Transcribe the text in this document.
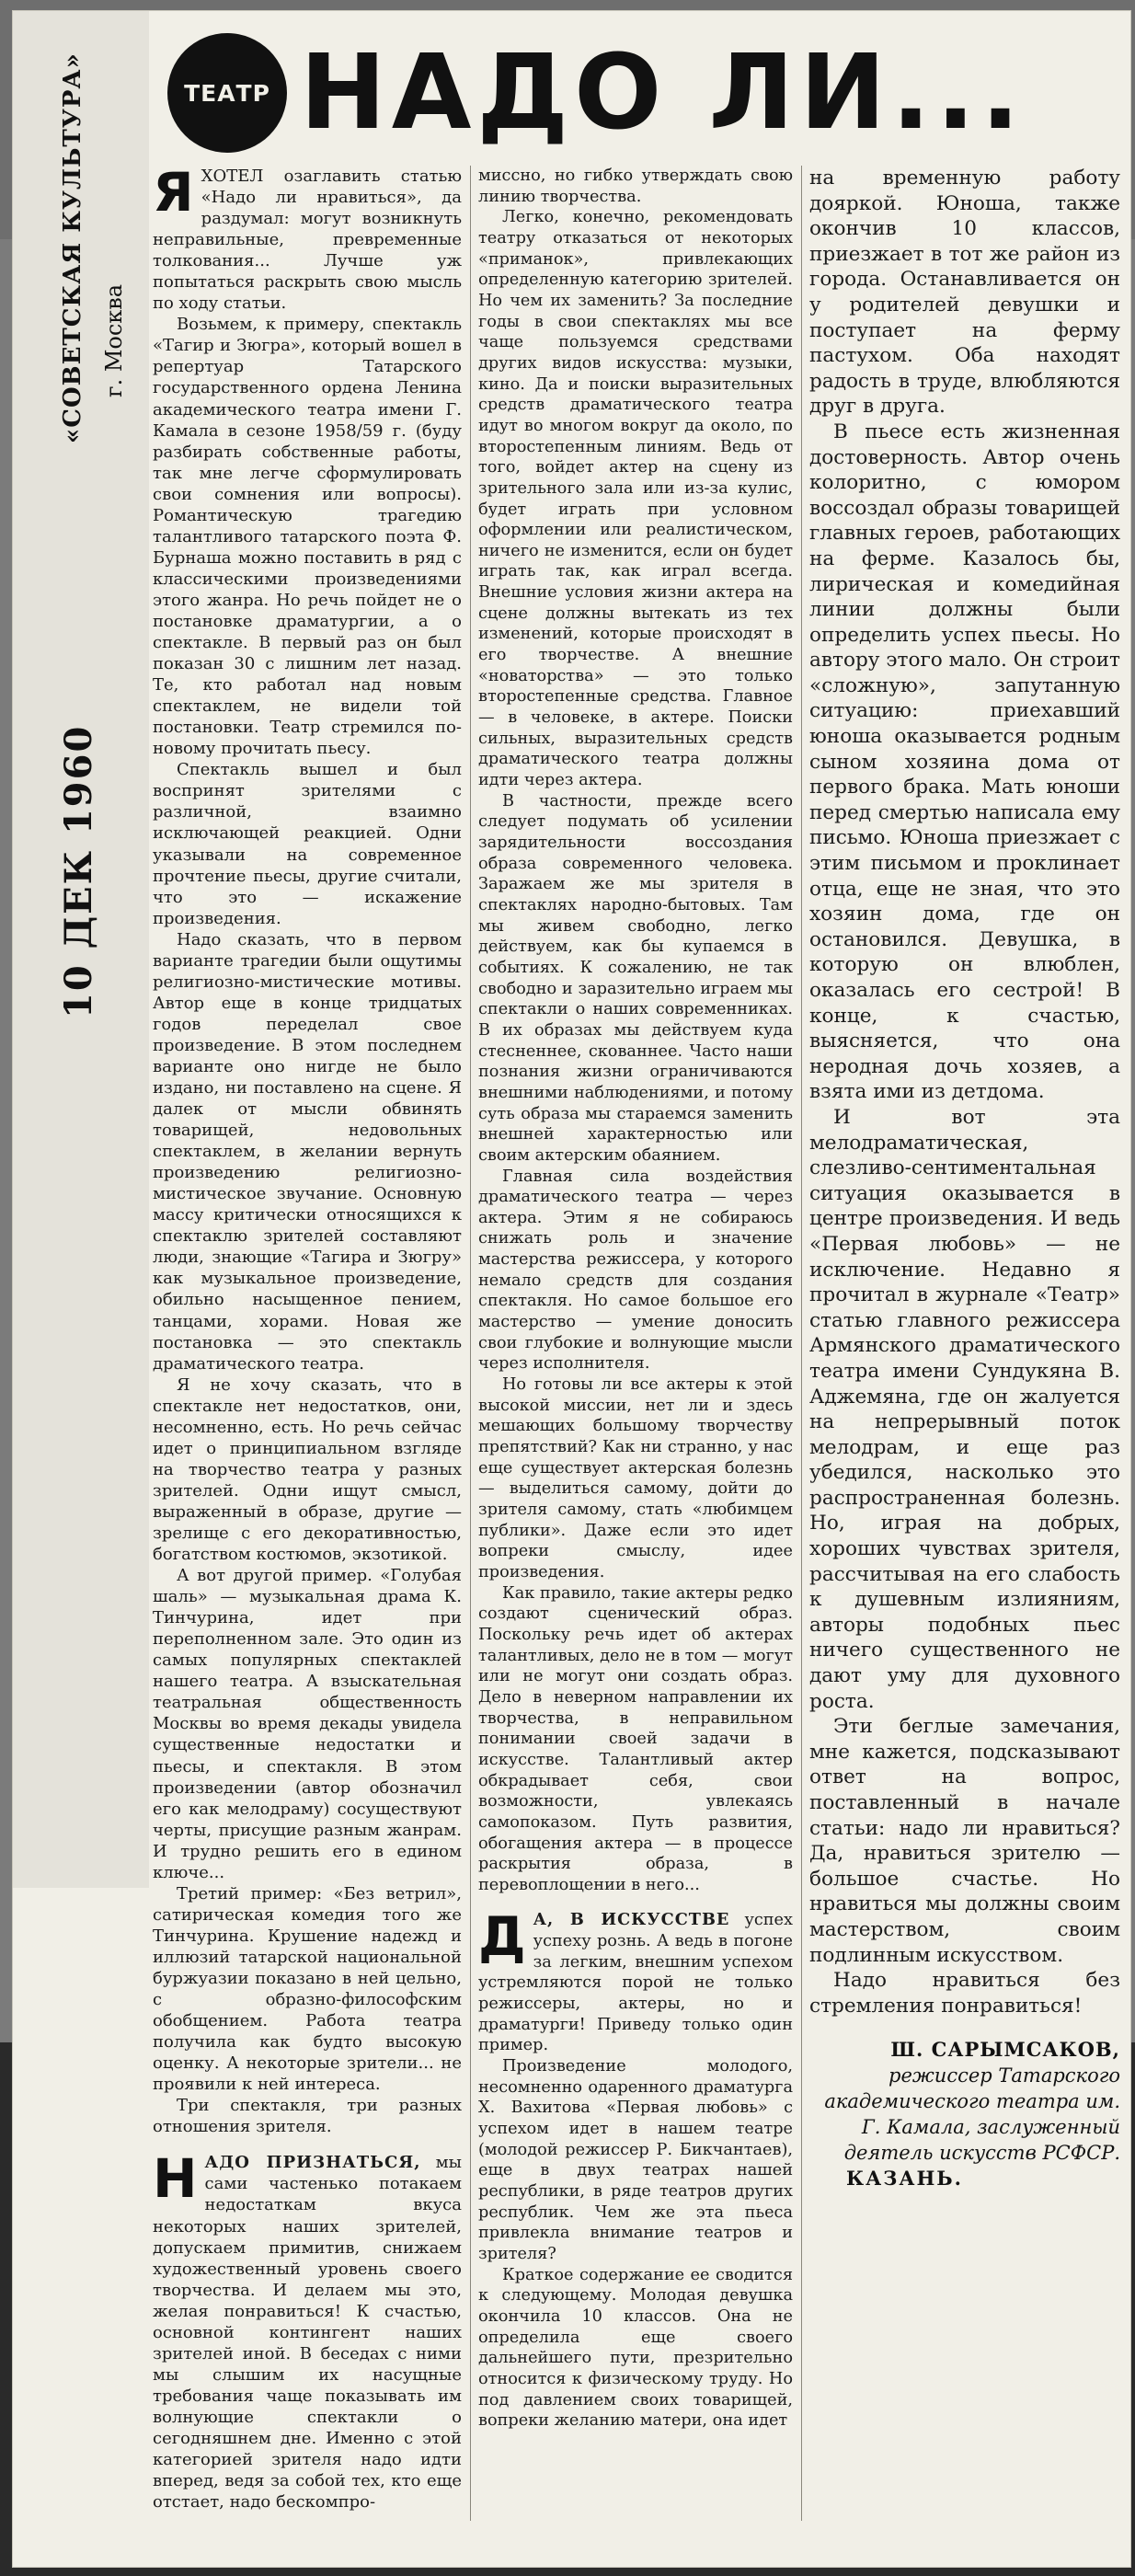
«СОВЕТСКАЯ КУЛЬТУРА» г. Москва
10 ДЕК 1960
ТЕАТР НАДО ЛИ...

ЯХОТЕЛ озаглавить статью «Надо ли нравиться», да раздумал: могут возникнуть неправильные, превременные толкования... Лучше уж попытаться раскрыть свою мысль по ходу статьи.

Возьмем, к примеру, спектакль «Тагир и Зюгра», который вошел в репертуар Татарского государственного ордена Ленина академического театра имени Г. Камала в сезоне 1958/59 г. (буду разбирать собственные работы, так мне легче сформулировать свои сомнения или вопросы). Романтическую трагедию талантливого татарского поэта Ф. Бурнаша можно поставить в ряд с классическими произведениями этого жанра. Но речь пойдет не о постановке драматургии, а о спектакле. В первый раз он был показан 30 с лишним лет назад. Те, кто работал над новым спектаклем, не видели той постановки. Театр стремился по-новому прочитать пьесу.

Спектакль вышел и был воспринят зрителями с различной, взаимно исключающей реакцией. Одни указывали на современное прочтение пьесы, другие считали, что это — искажение произведения.

Надо сказать, что в первом варианте трагедии были ощутимы религиозно-мистические мотивы. Автор еще в конце тридцатых годов переделал свое произведение. В этом последнем варианте оно нигде не было издано, ни поставлено на сцене. Я далек от мысли обвинять товарищей, недовольных спектаклем, в желании вернуть произведению религиозно-мистическое звучание. Основную массу критически относящихся к спектаклю зрителей составляют люди, знающие «Тагира и Зюгру» как музыкальное произведение, обильно насыщенное пением, танцами, хорами. Новая же постановка — это спектакль драматического театра.

Я не хочу сказать, что в спектакле нет недостатков, они, несомненно, есть. Но речь сейчас идет о принципиальном взгляде на творчество театра у разных зрителей. Одни ищут смысл, выраженный в образе, другие — зрелище с его декоративностью, богатством костюмов, экзотикой.

А вот другой пример. «Голубая шаль» — музыкальная драма К. Тинчурина, идет при переполненном зале. Это один из самых популярных спектаклей нашего театра. А взыскательная театральная общественность Москвы во время декады увидела существенные недостатки и пьесы, и спектакля. В этом произведении (автор обозначил его как мелодраму) сосуществуют черты, присущие разным жанрам. И трудно решить его в едином ключе...

Третий пример: «Без ветрил», сатирическая комедия того же Тинчурина. Крушение надежд и иллюзий татарской национальной буржуазии показано в ней цельно, с образно-философским обобщением. Работа театра получила как будто высокую оценку. А некоторые зрители... не проявили к ней интереса.

Три спектакля, три разных отношения зрителя.

НАДО ПРИЗНАТЬСЯ, мы сами частенько потакаем недостаткам вкуса некоторых наших зрителей, допускаем примитив, снижаем художественный уровень своего творчества. И делаем мы это, желая понравиться! К счастью, основной контингент наших зрителей иной. В беседах с ними мы слышим их насущные требования чаще показывать им волнующие спектакли о сегодняшнем дне. Именно с этой категорией зрителя надо идти вперед, ведя за собой тех, кто еще отстает, надо бескомпро-

миссно, но гибко утверждать свою линию творчества.

Легко, конечно, рекомендовать театру отказаться от некоторых «приманок», привлекающих определенную категорию зрителей. Но чем их заменить? За последние годы в свои спектаклях мы все чаще пользуемся средствами других видов искусства: музыки, кино. Да и поиски выразительных средств драматического театра идут во многом вокруг да около, по второстепенным линиям. Ведь от того, войдет актер на сцену из зрительного зала или из-за кулис, будет играть при условном оформлении или реалистическом, ничего не изменится, если он будет играть так, как играл всегда. Внешние условия жизни актера на сцене должны вытекать из тех изменений, которые происходят в его творчестве. А внешние «новаторства» — это только второстепенные средства. Главное — в человеке, в актере. Поиски сильных, выразительных средств драматического театра должны идти через актера.

В частности, прежде всего следует подумать об усилении зарядительности воссоздания образа современного человека. Заражаем же мы зрителя в спектаклях народно-бытовых. Там мы живем свободно, легко действуем, как бы купаемся в событиях. К сожалению, не так свободно и заразительно играем мы спектакли о наших современниках. В их образах мы действуем куда стесненнее, скованнее. Часто наши познания жизни ограничиваются внешними наблюдениями, и потому суть образа мы стараемся заменить внешней характерностью или своим актерским обаянием.

Главная сила воздействия драматического театра — через актера. Этим я не собираюсь снижать роль и значение мастерства режиссера, у которого немало средств для создания спектакля. Но самое большое его мастерство — умение доносить свои глубокие и волнующие мысли через исполнителя.

Но готовы ли все актеры к этой высокой миссии, нет ли и здесь мешающих большому творчеству препятствий? Как ни странно, у нас еще существует актерская болезнь — выделиться самому, дойти до зрителя самому, стать «любимцем публики». Даже если это идет вопреки смыслу, идее произведения.

Как правило, такие актеры редко создают сценический образ. Поскольку речь идет об актерах талантливых, дело не в том — могут или не могут они создать образ. Дело в неверном направлении их творчества, в неправильном понимании своей задачи в искусстве. Талантливый актер обкрадывает себя, свои возможности, увлекаясь самопоказом. Путь развития, обогащения актера — в процессе раскрытия образа, в перевоплощении в него...

Д А, В ИСКУССТВЕ успех успеху рознь. А ведь в погоне за легким, внешним успехом устремляются порой не только режиссеры, актеры, но и драматурги! Приведу только один пример.

Произведение молодого, несомненно одаренного драматурга Х. Вахитова «Первая любовь» с успехом идет в нашем театре (молодой режиссер Р. Бикчантаев), еще в двух театрах нашей республики, в ряде театров других республик. Чем же эта пьеса привлекла внимание театров и зрителя?

Краткое содержание ее сводится к следующему. Молодая девушка окончила 10 классов. Она не определила еще своего дальнейшего пути, презрительно относится к физическому труду. Но под давлением своих товарищей, вопреки желанию матери, она идет

на временную работу дояркой. Юноша, также окончив 10 классов, приезжает в тот же район из города. Останавливается он у родителей девушки и поступает на ферму пастухом. Оба находят радость в труде, влюбляются друг в друга.

В пьесе есть жизненная достоверность. Автор очень колоритно, с юмором воссоздал образы товарищей главных героев, работающих на ферме. Казалось бы, лирическая и комедийная линии должны были определить успех пьесы. Но автору этого мало. Он строит «сложную», запутанную ситуацию: приехавший юноша оказывается родным сыном хозяина дома от первого брака. Мать юноши перед смертью написала ему письмо. Юноша приезжает с этим письмом и проклинает отца, еще не зная, что это хозяин дома, где он остановился. Девушка, в которую он влюблен, оказалась его сестрой! В конце, к счастью, выясняется, что она неродная дочь хозяев, а взята ими из детдома.

И вот эта мелодраматическая, слезливо-сентиментальная ситуация оказывается в центре произведения. И ведь «Первая любовь» — не исключение. Недавно я прочитал в журнале «Театр» статью главного режиссера Армянского драматического театра имени Сундукяна В. Аджемяна, где он жалуется на непрерывный поток мелодрам, и еще раз убедился, насколько это распространенная болезнь. Но, играя на добрых, хороших чувствах зрителя, рассчитывая на его слабость к душевным излияниям, авторы подобных пьес ничего существенного не дают уму для духовного роста.

Эти беглые замечания, мне кажется, подсказывают ответ на вопрос, поставленный в начале статьи: надо ли нравиться? Да, нравиться зрителю — большое счастье. Но нравиться мы должны своим мастерством, своим подлинным искусством.

Надо нравиться без стремления понравиться!

Ш. САРЫМСАКОВ,
режиссер Татарского академического театра им. Г. Камала, заслуженный деятель искусств РСФСР.
КАЗАНЬ.
